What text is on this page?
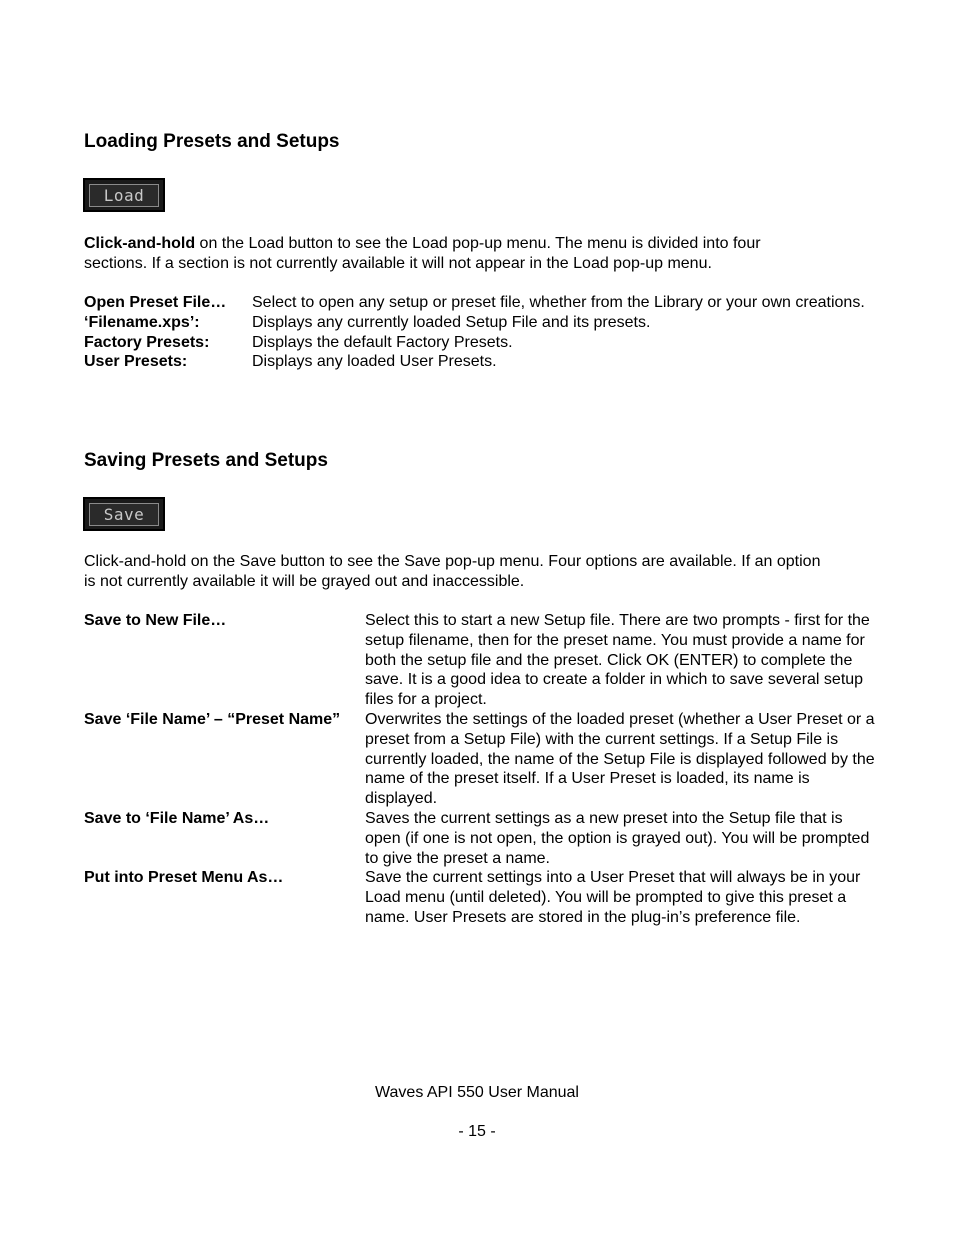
Loading Presets and Setups
Load

Click-and-hold on the Load button to see the Load pop-up menu. The menu is divided into four sections. If a section is not currently available it will not appear in the Load pop-up menu.

Open Preset File…	Select to open any setup or preset file, whether from the Library or your own creations.
‘Filename.xps’:	Displays any currently loaded Setup File and its presets.
Factory Presets:	Displays the default Factory Presets.
User Presets:	Displays any loaded User Presets.
Saving Presets and Setups
Save

Click-and-hold on the Save button to see the Save pop-up menu. Four options are available. If an option is not currently available it will be grayed out and inaccessible.

Save to New File…	Select this to start a new Setup file. There are two prompts - first for the setup filename, then for the preset name. You must provide a name for both the setup file and the preset. Click OK (ENTER) to complete the save. It is a good idea to create a folder in which to save several setup files for a project.
Save ‘File Name’ – “Preset Name”	Overwrites the settings of the loaded preset (whether a User Preset or a preset from a Setup File) with the current settings. If a Setup File is currently loaded, the name of the Setup File is displayed followed by the name of the preset itself. If a User Preset is loaded, its name is displayed.
Save to ‘File Name’ As…	Saves the current settings as a new preset into the Setup file that is open (if one is not open, the option is grayed out). You will be prompted to give the preset a name.
Put into Preset Menu As…	Save the current settings into a User Preset that will always be in your Load menu (until deleted). You will be prompted to give this preset a name. User Presets are stored in the plug-in’s preference file.
Waves API 550 User Manual
- 15 -
